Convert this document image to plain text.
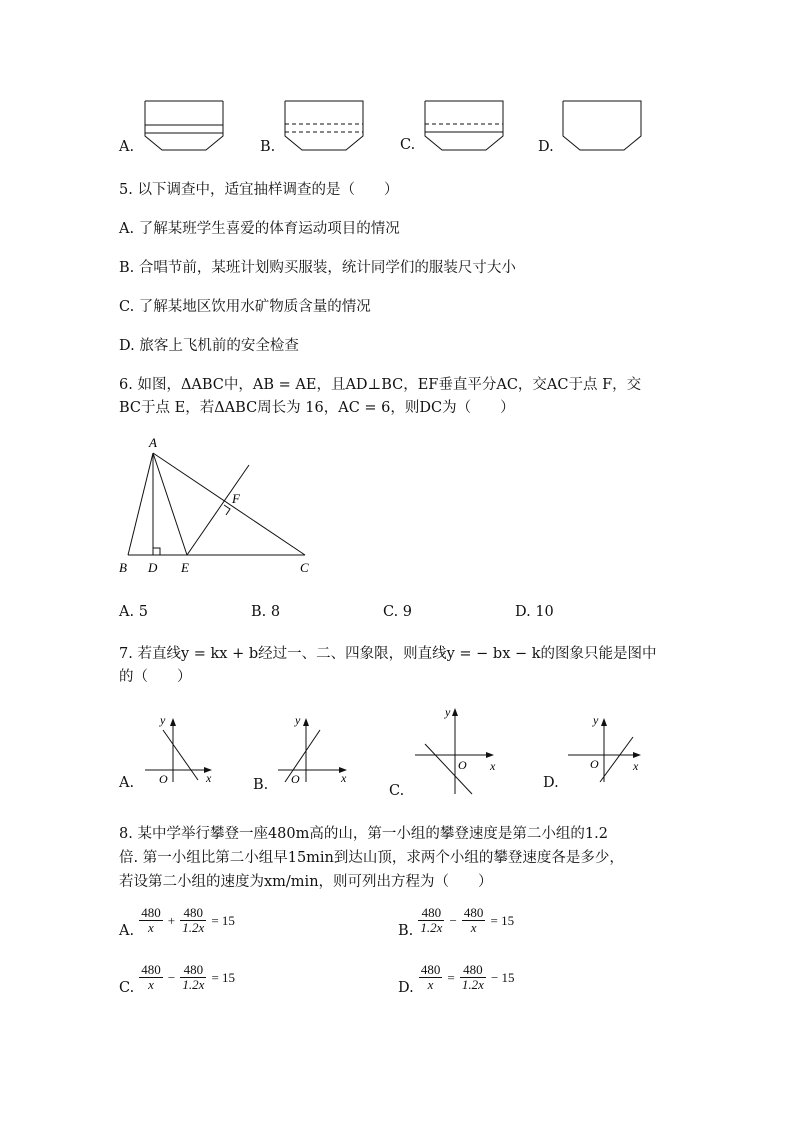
A.	B.	C.	D.
5. 以下调查中，适宜抽样调查的是（　　）
A. 了解某班学生喜爱的体育运动项目的情况
B. 合唱节前，某班计划购买服装，统计同学们的服装尺寸大小
C. 了解某地区饮用水矿物质含量的情况
D. 旅客上飞机前的安全检查
6. 如图，ΔABC中，AB = AE，且AD⊥BC，EF垂直平分AC，交AC于点 F，交
BC于点 E，若ΔABC周长为 16，AC = 6，则DC为（　　）
A
F
B D E	C
A. 5	B. 8	C. 9	D. 10
7. 若直线y = kx + b经过一、二、四象限，则直线y = − bx − k的图象只能是图中
的（　　）
y
x
O
A.
y
x
O
B.
y
x
O
C.
y
x
O
D.
8. 某中学举行攀登一座480m高的山，第一小组的攀登速度是第二小组的1.2
倍. 第一小组比第二小组早15min到达山顶，求两个小组的攀登速度各是多少，
若设第二小组的速度为xm/min，则可列出方程为（　　）
A. $\frac{480}{x} + \frac{480}{1.2x} = 15$
B. $\frac{480}{1.2x} - \frac{480}{x} = 15$
C. $\frac{480}{x} - \frac{480}{1.2x} = 15$
D. $\frac{480}{x} = \frac{480}{1.2x} - 15$
